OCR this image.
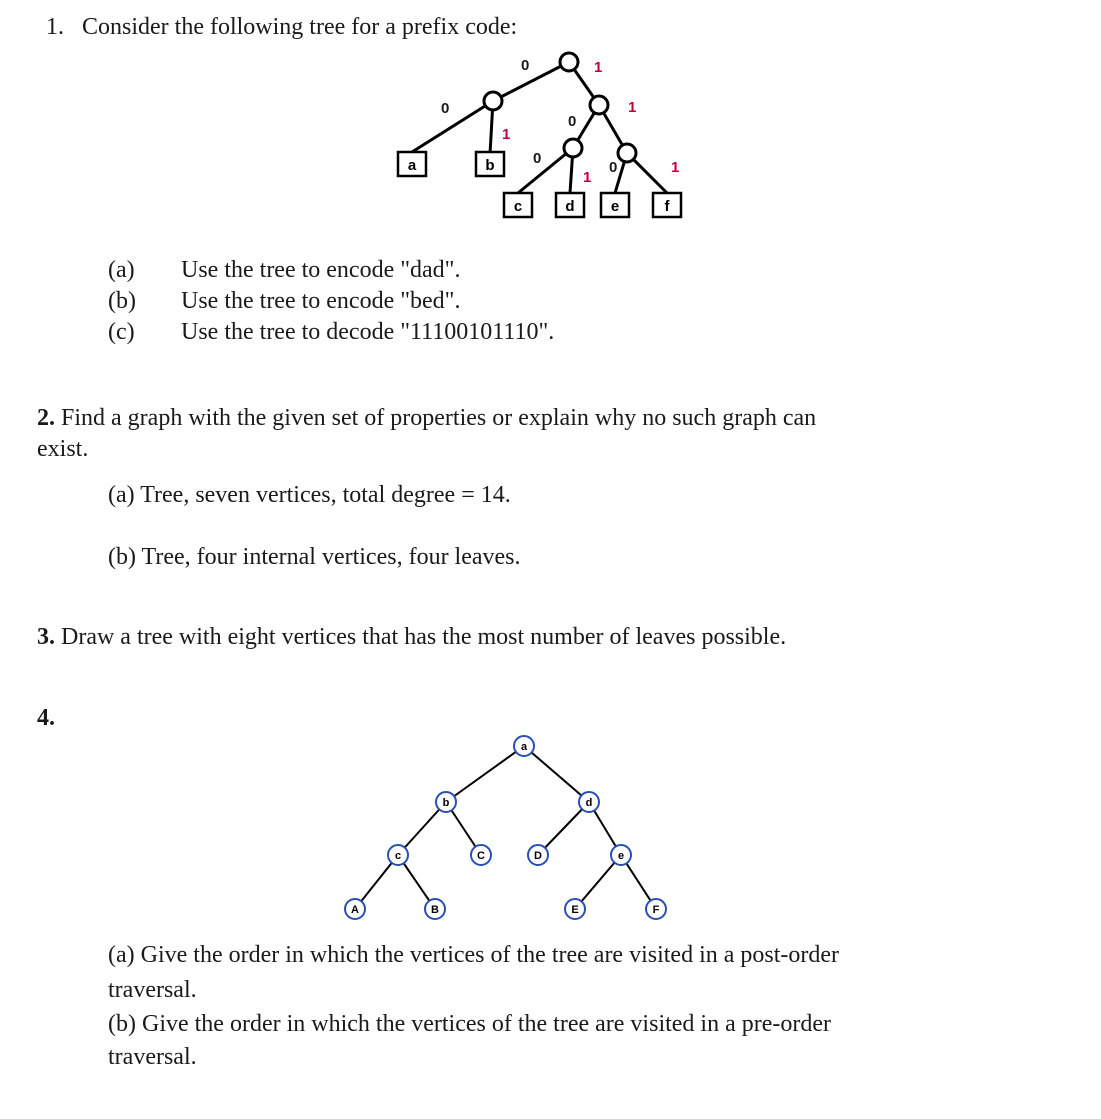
1. Consider the following tree for a prefix code:
a	b
c	d e	f
0	1
0
1
0
1
0
1
0	1
(a) Use the tree to encode "dad".
(b) Use the tree to encode "bed".
(c) Use the tree to decode "11100101110".
2. Find a graph with the given set of properties or explain why no such graph can
exist.
(a) Tree, seven vertices, total degree = 14.
(b) Tree, four internal vertices, four leaves.
3. Draw a tree with eight vertices that has the most number of leaves possible.
4.
a
b	d
c	C	D	e
A	B	E	F
(a) Give the order in which the vertices of the tree are visited in a post-order
traversal.
(b) Give the order in which the vertices of the tree are visited in a pre-order
traversal.
